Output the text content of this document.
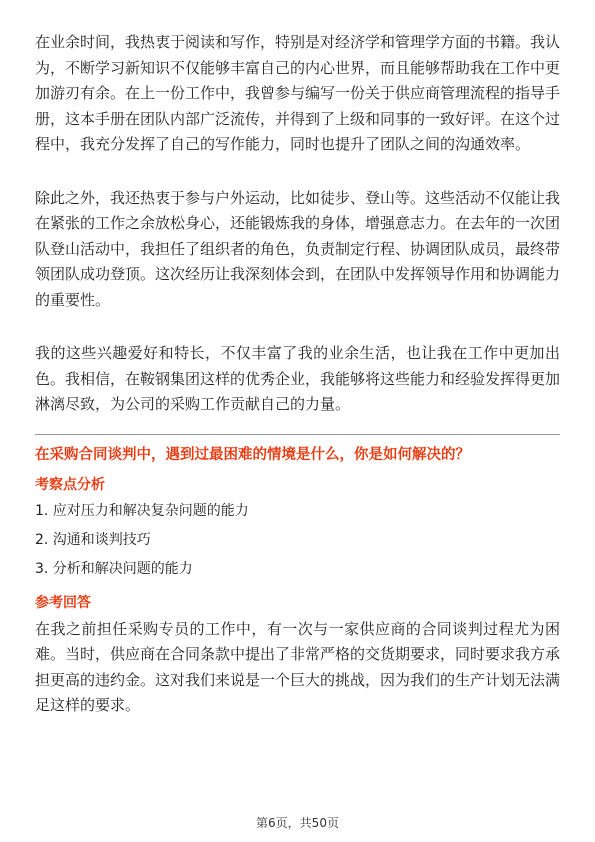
在业余时间，我热衷于阅读和写作，特别是对经济学和管理学方面的书籍。我认为，不断学习新知识不仅能够丰富自己的内心世界，而且能够帮助我在工作中更加游刃有余。在上一份工作中，我曾参与编写一份关于供应商管理流程的指导手册，这本手册在团队内部广泛流传，并得到了上级和同事的一致好评。在这个过程中，我充分发挥了自己的写作能力，同时也提升了团队之间的沟通效率。

除此之外，我还热衷于参与户外运动，比如徒步、登山等。这些活动不仅能让我在紧张的工作之余放松身心，还能锻炼我的身体，增强意志力。在去年的一次团队登山活动中，我担任了组织者的角色，负责制定行程、协调团队成员，最终带领团队成功登顶。这次经历让我深刻体会到，在团队中发挥领导作用和协调能力的重要性。

我的这些兴趣爱好和特长，不仅丰富了我的业余生活，也让我在工作中更加出色。我相信，在鞍钢集团这样的优秀企业，我能够将这些能力和经验发挥得更加淋漓尽致，为公司的采购工作贡献自己的力量。

在采购合同谈判中，遇到过最困难的情境是什么，你是如何解决的？
考察点分析
1. 应对压力和解决复杂问题的能力
2. 沟通和谈判技巧
3. 分析和解决问题的能力
参考回答

在我之前担任采购专员的工作中，有一次与一家供应商的合同谈判过程尤为困难。当时，供应商在合同条款中提出了非常严格的交货期要求，同时要求我方承担更高的违约金。这对我们来说是一个巨大的挑战，因为我们的生产计划无法满足这样的要求。

第6页，共50页
